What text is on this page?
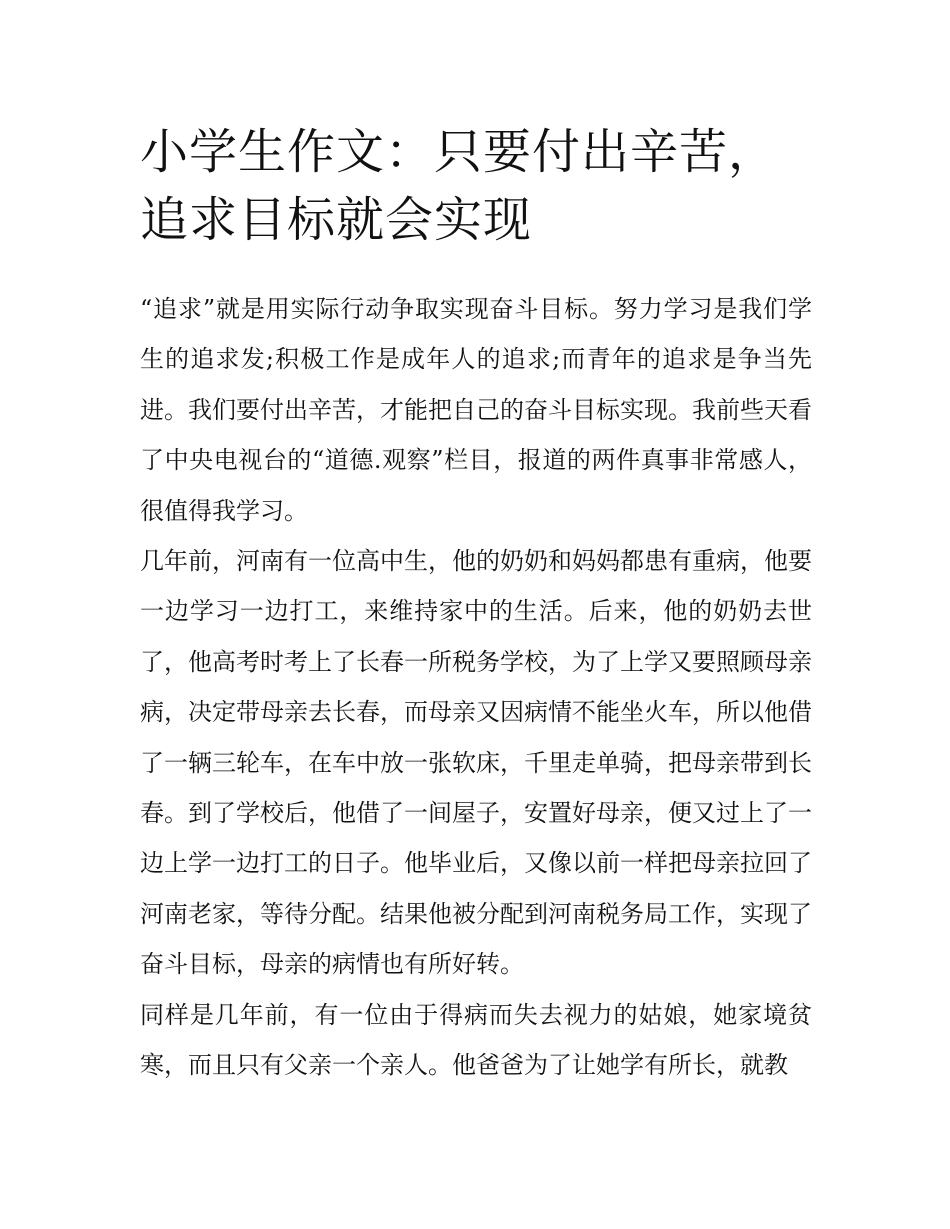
小学生作文：只要付出辛苦，追求目标就会实现

“追求”就是用实际行动争取实现奋斗目标。努力学习是我们学生的追求发;积极工作是成年人的追求;而青年的追求是争当先进。我们要付出辛苦，才能把自己的奋斗目标实现。我前些天看了中央电视台的“道德.观察”栏目，报道的两件真事非常感人，很值得我学习。

几年前，河南有一位高中生，他的奶奶和妈妈都患有重病，他要一边学习一边打工，来维持家中的生活。后来，他的奶奶去世了，他高考时考上了长春一所税务学校，为了上学又要照顾母亲病，决定带母亲去长春，而母亲又因病情不能坐火车，所以他借了一辆三轮车，在车中放一张软床，千里走单骑，把母亲带到长春。到了学校后，他借了一间屋子，安置好母亲，便又过上了一边上学一边打工的日子。他毕业后，又像以前一样把母亲拉回了河南老家，等待分配。结果他被分配到河南税务局工作，实现了奋斗目标，母亲的病情也有所好转。

同样是几年前，有一位由于得病而失去视力的姑娘，她家境贫寒，而且只有父亲一个亲人。他爸爸为了让她学有所长，就教
